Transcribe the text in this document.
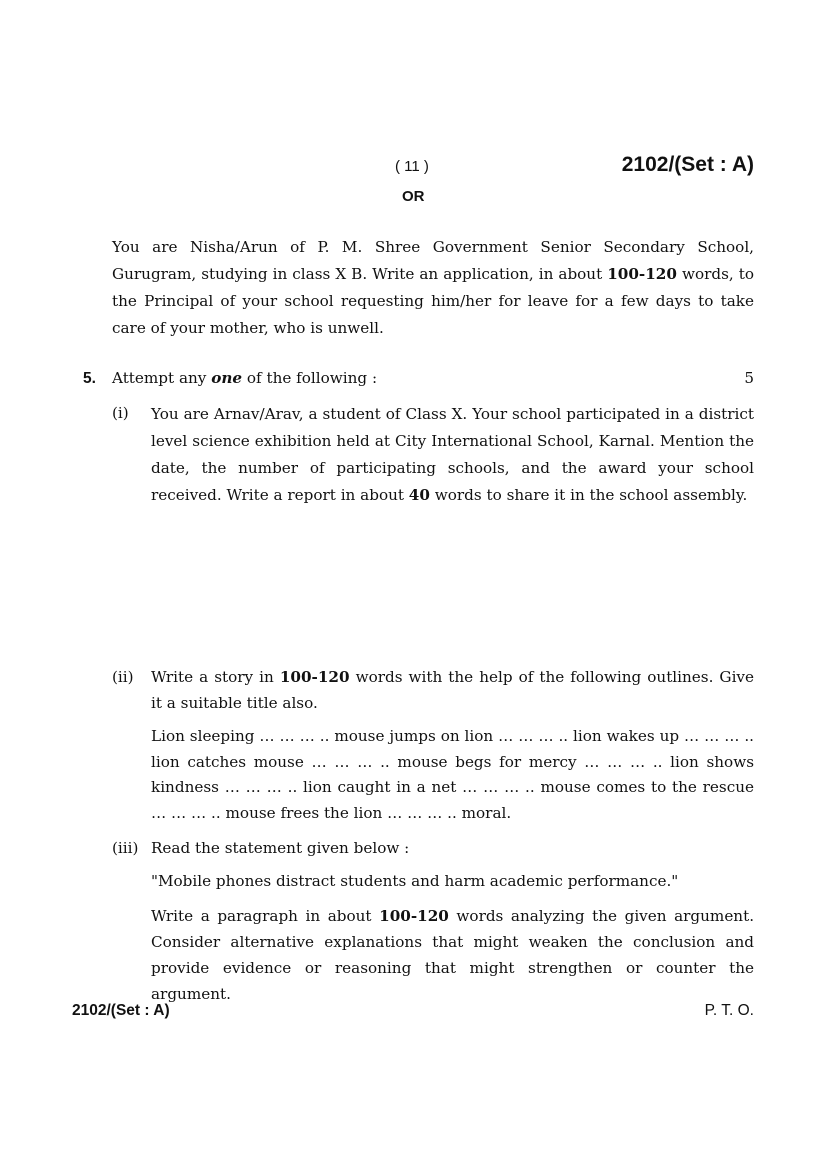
( 11 )	2102/(Set : A)
OR
You are Nisha/Arun of P. M. Shree Government Senior Secondary School, Gurugram, studying in class X B. Write an application, in about 100-120 words, to the Principal of your school requesting him/her for leave for a few days to take care of your mother, who is unwell.
5. Attempt any one of the following :	5
(i) You are Arnav/Arav, a student of Class X. Your school participated in a district level science exhibition held at City International School, Karnal. Mention the date, the number of participating schools, and the award your school received. Write a report in about 40 words to share it in the school assembly.
(ii) Write a story in 100-120 words with the help of the following outlines. Give it a suitable title also.
Lion sleeping … … … .. mouse jumps on lion … … … .. lion wakes up … … … ..
lion catches mouse … … … .. mouse begs for mercy … … … .. lion shows
kindness … … … .. lion caught in a net … … … .. mouse comes to the rescue
… … … .. mouse frees the lion … … … .. moral.
(iii) Read the statement given below :
"Mobile phones distract students and harm academic performance."
Write a paragraph in about 100-120 words analyzing the given argument. Consider alternative explanations that might weaken the conclusion and provide evidence or reasoning that might strengthen or counter the argument.
2102/(Set : A)	P. T. O.
